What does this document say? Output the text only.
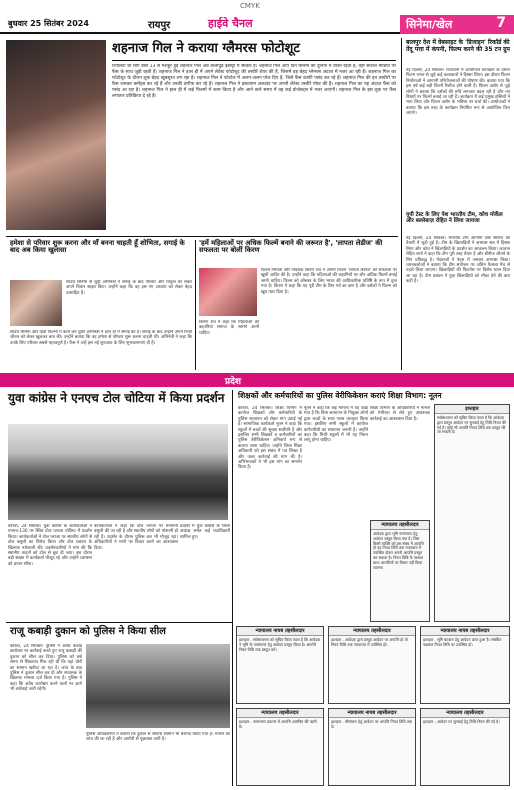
CMYK
बुधवार 25 सितंबर 2024	रायपुर	हाईवे चैनल	सिनेमा/खेल	7
शहनाज गिल ने कराया ग्लैमरस फोटोशूट
रियलिटी शो बिग बॉस 13 से मशहूर हुईं शहनाज गिल अब बॉलीवुड इंडस्ट्री में सक्रिय हैं। शहनाज गिल आए दिन सिनेमा की दुनिया में व्यस्त रहती हैं, वहीं सोशल मीडिया पर फैंस के साथ जुड़ी रहती हैं। शहनाज गिल ने हाल ही में अपने लेटेस्ट फोटोशूट की तस्वीरें शेयर की हैं, जिसमें वह बेहद ग्लैमरस अंदाज में नजर आ रही हैं। शहनाज गिल का फोटोशूट के दौरान लुक बेहद खूबसूरत लग रहा है। शहनाज गिल ने फोटोज में अलग-अलग पोज दिए हैं, जिसे फैंस काफी पसंद कर रहे हैं। शहनाज गिल की इन तस्वीरों पर फैंस जमकर कमेंट्स कर रहे हैं और उनकी तारीफ कर रहे हैं। शहनाज गिल ने इंस्टाग्राम अकाउंट पर अपनी लेटेस्ट तस्वीरें पोस्ट की हैं। शहनाज गिल का यह अंदाज फैंस को पसंद आ रहा है। शहनाज गिल ने हाल ही में कई फिल्मों में काम किया है और आने वाले समय में वह कई प्रोजेक्ट्स में नजर आएंगी। शहनाज गिल के इस लुक पर फैंस लगातार प्रतिक्रिया दे रहे हैं।
बालपुर देश में वेबसाइट के 'डिजाइन' रिकॉर्ड की तेंदू पत्ता में कंपनी, फिल्म करने की 35 टन ग्रुप
नई दिल्ली, 24 सितंबर। राजधानी में आयोजित कार्यक्रम के दौरान फिल्म जगत से जुड़े कई कलाकारों ने हिस्सा लिया। इस दौरान फिल्म निर्माताओं ने आगामी परियोजनाओं की घोषणा की। बताया गया कि इस वर्ष कई बड़ी फिल्में रिलीज होने वाली हैं। फिल्म उद्योग से जुड़े लोगों ने बताया कि दर्शकों की रुचि लगातार बदल रही है और नए विषयों पर फिल्में बनाई जा रही हैं। कार्यक्रम में कई प्रमुख हस्तियों ने भाग लिया और फिल्म उद्योग के भविष्य पर चर्चा की। आयोजकों ने बताया कि इस तरह के कार्यक्रम नियमित रूप से आयोजित किए जाएंगे।
यूपी टेस्ट के लिए पेश भारतीय टीम, कोच मोर्केल और बल्लेबाज़ रोहित ने लिया जायजा
नई दिल्ली, 24 सितंबर। भारतीय टीम आगामी टेस्ट सीरीज की तैयारी में जुटी हुई है। टीम के खिलाड़ियों ने अभ्यास सत्र में हिस्सा लिया और कोच ने खिलाड़ियों के प्रदर्शन का आकलन किया। कप्तान रोहित शर्मा ने कहा कि टीम पूरी तरह तैयार है और सीरीज जीतने के लिए प्रतिबद्ध है। गेंदबाजों ने नेट्स में जमकर अभ्यास किया। चयनकर्ताओं ने बताया कि टीम संयोजन पर अंतिम फैसला मैच से पहले लिया जाएगा। खिलाड़ियों की फिटनेस पर विशेष ध्यान दिया जा रहा है। टीम प्रबंधन ने युवा खिलाड़ियों को मौका देने की बात कही है।
हमेशा से परिवार शुरू करना और माँ बनना चाहती हूँ शोभिता, सगाई के बाद अब किया खुलासा
साउथ सिनेमा और हिंदी फिल्मों में काम कर चुकी अभिनेत्री ने हाल ही में सगाई की है। सगाई के बाद उन्होंने अपने निजी जीवन को लेकर खुलकर बात की। उन्होंने बताया कि वह हमेशा से परिवार शुरू करना चाहती थीं। अभिनेत्री ने कहा कि उनके लिए परिवार सबसे महत्वपूर्ण है। फैंस ने उन्हें इस नई शुरुआत के लिए शुभकामनाएं दी हैं।
साउथ सिनेमा से जुड़ी अभिनेत्री ने सगाई के बाद परिवार और मातृत्व को लेकर अपने विचार साझा किए। उन्होंने कहा कि वह इस नए अध्याय को लेकर बेहद उत्साहित हैं।
'हमें महिलाओं पर अधिक फिल्में बनाने की जरूरत है', 'लापता लेडीज' की सफलता पर बोलीं किरण
फिल्म निर्माता और निर्देशक किरण राव ने अपनी फिल्म 'लापता लेडीज' की सफलता पर खुशी जाहिर की है। उन्होंने कहा कि महिलाओं की कहानियों पर और अधिक फिल्में बनाई जानी चाहिए। फिल्म को ऑस्कर के लिए भारत की आधिकारिक प्रविष्टि के रूप में चुना गया है। किरण ने कहा कि यह पूरी टीम के लिए गर्व का क्षण है और दर्शकों ने फिल्म को खूब प्यार दिया है।
किरण राव ने कहा कि महिलाओं की कहानियां समाज के सामने आनी चाहिए।
प्रदेश
युवा कांग्रेस ने एनएच टोल चोटिया में किया प्रदर्शन
कोरबा, 24 सितंबर। युवा कांग्रेस के कार्यकर्ताओं ने एनएच-130 पर स्थित टोल प्लाजा चोटिया में प्रदर्शन किया। कार्यकर्ताओं ने टोल प्लाजा पर स्थानीय लोगों से टोल वसूली का विरोध किया और टोल प्रबंधन के खिलाफ नारेबाजी की। प्रदर्शनकारियों ने मांग की कि स्थानीय वाहनों को टोल से छूट दी जाए। इस दौरान बड़ी संख्या में कार्यकर्ता मौजूद रहे और उन्होंने प्रशासन को ज्ञापन सौंपा।
कार्यकर्ताओं ने कहा कि टोल प्लाजा पर मनमानी वसूली की जा रही है और स्थानीय लोगों को परेशानी हो रही है। प्रदर्शन के दौरान पुलिस बल भी मौजूद रहा। अधिकारियों ने मांगों पर विचार करने का आश्वासन दिया।
प्रदर्शन में युवा कांग्रेस के जिला अध्यक्ष समेत कई पदाधिकारी शामिल हुए।
शिक्षकों और कर्मचारियों का पुलिस वेरीफिकेशन कराएं शिक्षा विभाग: नूतन
कोरबा, 24 सितंबर। शिक्षा विभाग में कार्यरत शिक्षकों और कर्मचारियों के पुलिस सत्यापन को लेकर मांग उठाई गई है। सामाजिक कार्यकर्ता नूतन ने कहा कि स्कूलों में बच्चों की सुरक्षा सर्वोपरि है और इसलिए सभी शिक्षकों व कर्मचारियों का पुलिस वेरीफिकेशन अनिवार्य रूप से कराया जाना चाहिए। उन्होंने जिला शिक्षा अधिकारी को इस संबंध में पत्र लिखा है और जल्द कार्रवाई की मांग की है। अभिभावकों ने भी इस मांग का समर्थन किया है।
नूतन ने कहा कि कई मामलों में यह देखा गया है कि बिना सत्यापन के नियुक्त लोगों द्वारा बच्चों के साथ गलत व्यवहार किया गया। इसलिए सभी स्कूलों में कार्यरत कर्मचारियों का सत्यापन जरूरी है। उन्होंने कहा कि निजी स्कूलों में भी यह नियम लागू होना चाहिए।
शिक्षा विभाग के अधिकारियों ने मामले को गंभीरता से लेते हुए आवश्यक कार्रवाई का आश्वासन दिया है।
न्यायालय तहसीलदार
आवेदक द्वारा भूमि नामांतरण हेतु आवेदन प्रस्तुत किया गया है। जिस किसी व्यक्ति को इस संबंध में आपत्ति हो वह नियत तिथि तक न्यायालय में उपस्थित होकर अपनी आपत्ति प्रस्तुत कर सकता है। नियत तिथि के पश्चात प्राप्त आपत्तियों पर विचार नहीं किया जाएगा।
इश्तहार
सर्वसाधारण को सूचित किया जाता है कि आवेदक द्वारा प्रस्तुत आवेदन पर सुनवाई हेतु तिथि नियत की गई है। कोई भी आपत्ति नियत तिथि तक प्रस्तुत की जा सकती है।
राजू कबाड़ी दुकान को पुलिस ने किया सील
कोरबा, 24 सितंबर। पुलिस ने अवैध कबाड़ कारोबार पर कार्रवाई करते हुए राजू कबाड़ी की दुकान को सील कर दिया। पुलिस को लंबे समय से शिकायत मिल रही थी कि यहां चोरी का सामान खरीदा जा रहा है। जांच के बाद पुलिस ने दुकान सील कर दी और संचालक के खिलाफ मामला दर्ज किया गया है। पुलिस ने कहा कि अवैध कारोबार करने वालों पर आगे भी कार्रवाई जारी रहेगी।
पुलिस अधिकारियों ने बताया कि दुकान से संदिग्ध सामान भी बरामद किया गया है। मामले की जांच की जा रही है और आरोपी से पूछताछ जारी है।
न्यायालय नायब तहसीलदार
इश्तहार - सर्वसाधारण को सूचित किया जाता है कि आवेदक ने भूमि के नामांतरण हेतु आवेदन प्रस्तुत किया है। आपत्ति नियत तिथि तक प्रस्तुत करें।
न्यायालय तहसीलदार
इश्तहार - आवेदक द्वारा प्रस्तुत आवेदन पर आपत्ति हो तो नियत तिथि तक न्यायालय में उपस्थित हों।
न्यायालय नायब तहसीलदार
इश्तहार - भूमि बंटवारा हेतु आवेदन प्राप्त हुआ है। संबंधित पक्षकार नियत तिथि पर उपस्थित हों।
न्यायालय तहसीलदार
इश्तहार - नामांतरण प्रकरण में आपत्ति आमंत्रित की जाती है।
न्यायालय नायब तहसीलदार
इश्तहार - सीमांकन हेतु आवेदन पर आपत्ति नियत तिथि तक दें।
न्यायालय तहसीलदार
इश्तहार - आवेदन पर सुनवाई हेतु तिथि नियत की गई है।
